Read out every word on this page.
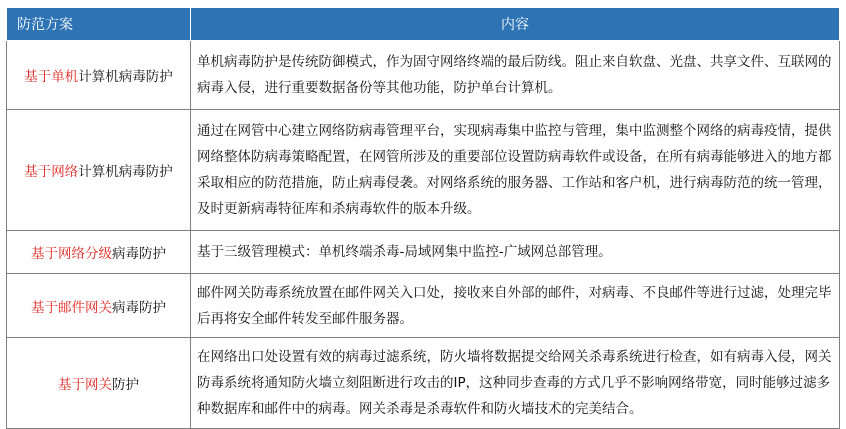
防范方案	内容
基于单机计算机病毒防护	单机病毒防护是传统防御模式，作为固守网络终端的最后防线。阻止来自软盘、光盘、共享文件、互联网的病毒入侵，进行重要数据备份等其他功能，防护单台计算机。
基于网络计算机病毒防护	通过在网管中心建立网络防病毒管理平台，实现病毒集中监控与管理，集中监测整个网络的病毒疫情，提供网络整体防病毒策略配置，在网管所涉及的重要部位设置防病毒软件或设备，在所有病毒能够进入的地方都采取相应的防范措施，防止病毒侵袭。对网络系统的服务器、工作站和客户机，进行病毒防范的统一管理，及时更新病毒特征库和杀病毒软件的版本升级。
基于网络分级病毒防护	基于三级管理模式：单机终端杀毒-局域网集中监控-广域网总部管理。
基于邮件网关病毒防护	邮件网关防毒系统放置在邮件网关入口处，接收来自外部的邮件，对病毒、不良邮件等进行过滤，处理完毕后再将安全邮件转发至邮件服务器。
基于网关防护	在网络出口处设置有效的病毒过滤系统，防火墙将数据提交给网关杀毒系统进行检查，如有病毒入侵，网关防毒系统将通知防火墙立刻阻断进行攻击的IP，这种同步查毒的方式几乎不影响网络带宽，同时能够过滤多种数据库和邮件中的病毒。网关杀毒是杀毒软件和防火墙技术的完美结合。
